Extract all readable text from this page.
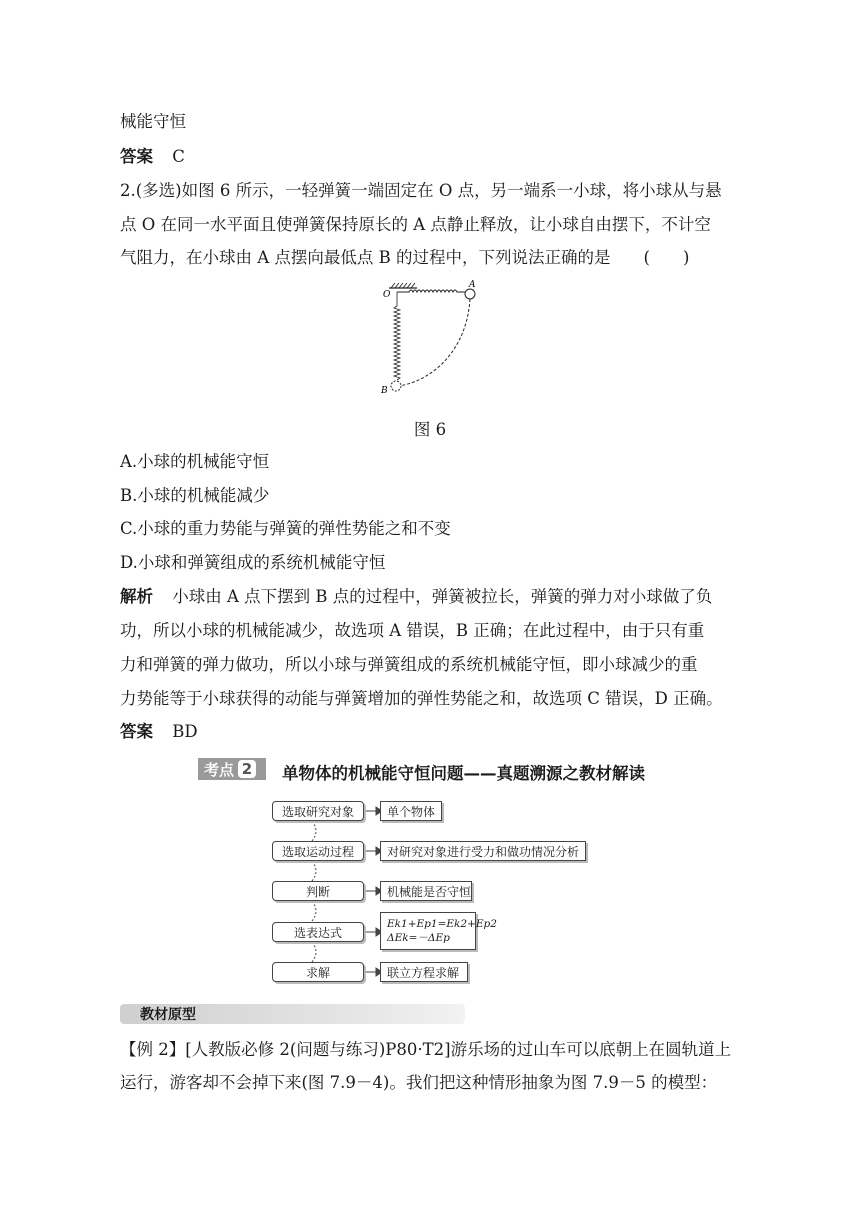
械能守恒
答案 C
2.(多选)如图 6 所示，一轻弹簧一端固定在 O 点，另一端系一小球，将小球从与悬
点 O 在同一水平面且使弹簧保持原长的 A 点静止释放，让小球自由摆下，不计空
气阻力，在小球由 A 点摆向最低点 B 的过程中，下列说法正确的是　　(　　)
A
O
B
图 6
A.小球的机械能守恒
B.小球的机械能减少
C.小球的重力势能与弹簧的弹性势能之和不变
D.小球和弹簧组成的系统机械能守恒
解析 小球由 A 点下摆到 B 点的过程中，弹簧被拉长，弹簧的弹力对小球做了负
功，所以小球的机械能减少，故选项 A 错误，B 正确；在此过程中，由于只有重
力和弹簧的弹力做功，所以小球与弹簧组成的系统机械能守恒，即小球减少的重
力势能等于小球获得的动能与弹簧增加的弹性势能之和，故选项 C 错误，D 正确。
答案 BD
考点 2 单物体的机械能守恒问题——真题溯源之教材解读
选取研究对象
选取运动过程
判断
选表达式
求解
单个物体
对研究对象进行受力和做功情况分析
机械能是否守恒
Ek1+Ep1=Ek2+Ep2
ΔEk=－ΔEp
联立方程求解
教材原型
【例 2】[人教版必修 2(问题与练习)P80·T2]游乐场的过山车可以底朝上在圆轨道上
运行，游客却不会掉下来(图 7.9－4)。我们把这种情形抽象为图 7.9－5 的模型：
